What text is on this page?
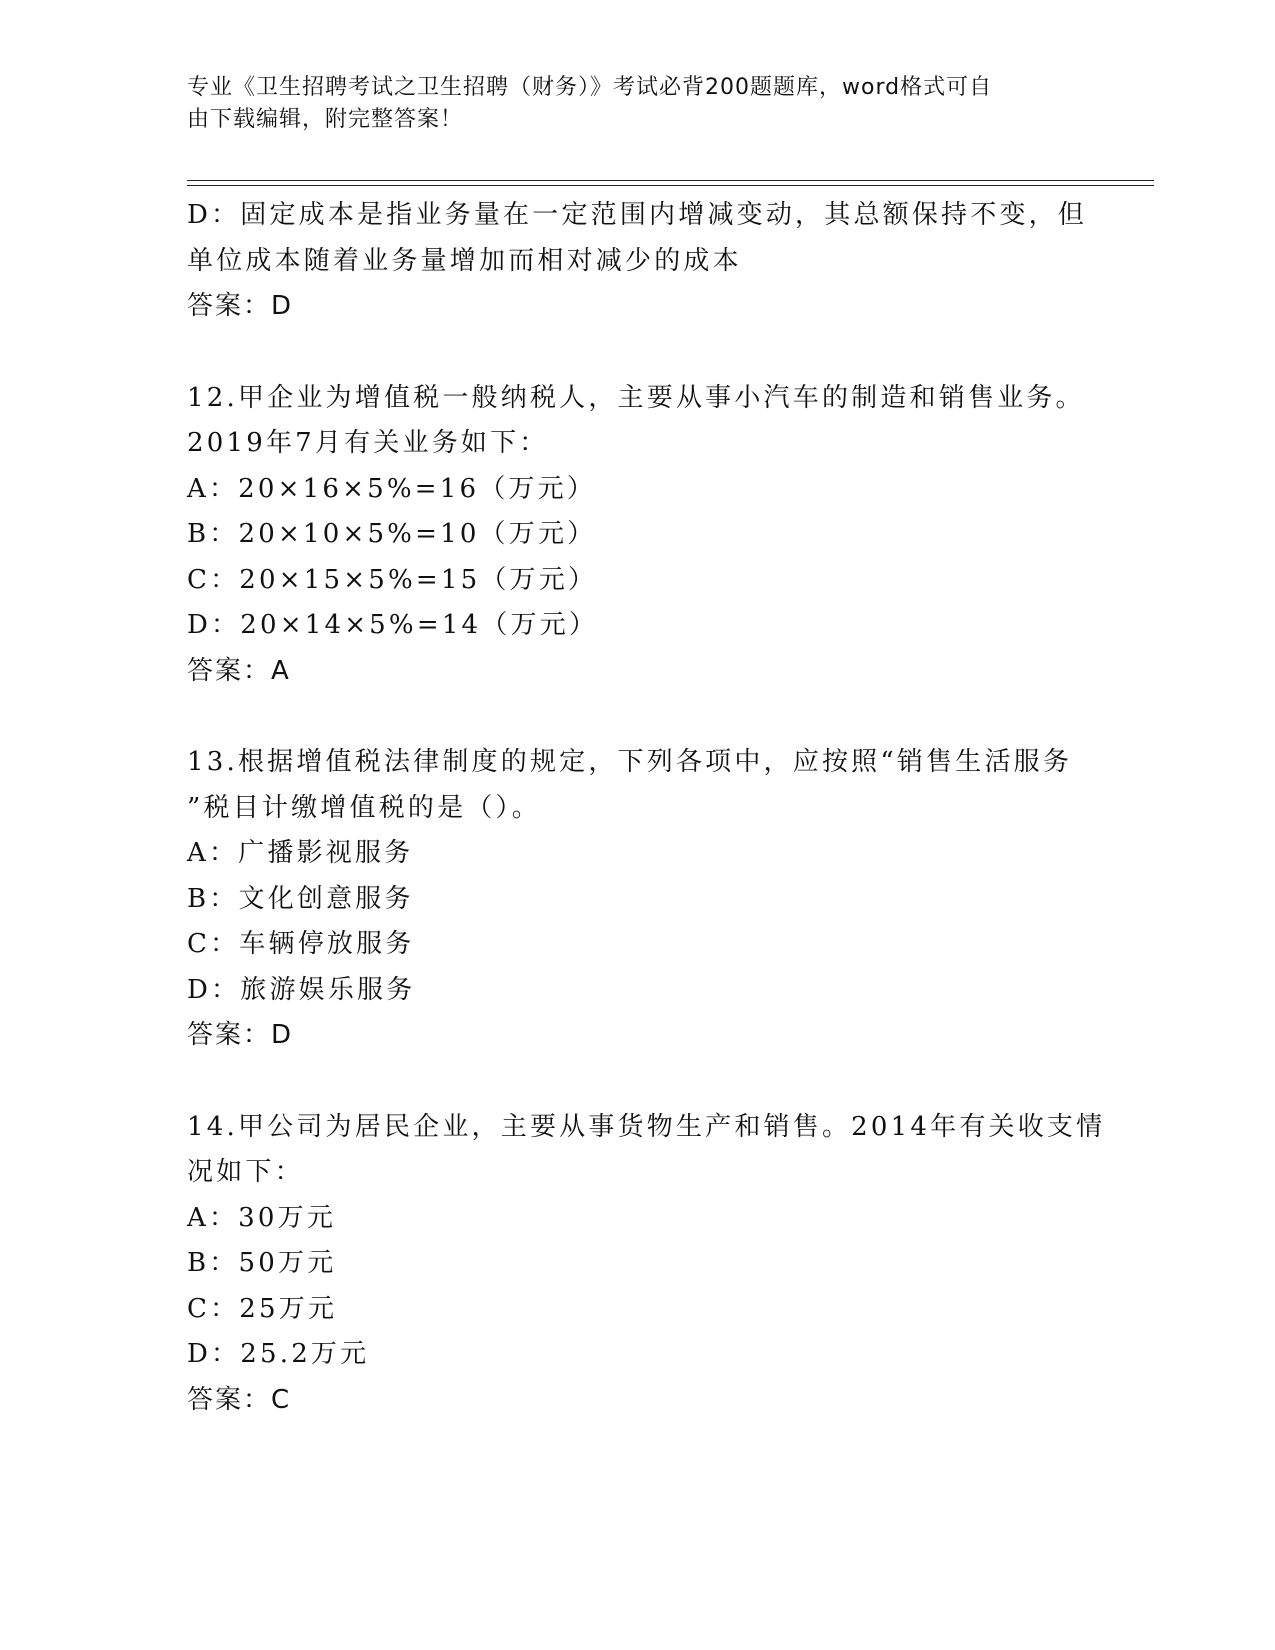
专业《卫生招聘考试之卫生招聘（财务）》考试必背200题题库，word格式可自
由下载编辑，附完整答案！
D：固定成本是指业务量在一定范围内增减变动，其总额保持不变，但
单位成本随着业务量增加而相对减少的成本
答案：D
12.甲企业为增值税一般纳税人，主要从事小汽车的制造和销售业务。
2019年7月有关业务如下：
A：20×16×5%=16（万元）
B：20×10×5%=10（万元）
C：20×15×5%=15（万元）
D：20×14×5%=14（万元）
答案：A
13.根据增值税法律制度的规定，下列各项中，应按照“销售生活服务
”税目计缴增值税的是（）。
A：广播影视服务
B：文化创意服务
C：车辆停放服务
D：旅游娱乐服务
答案：D
14.甲公司为居民企业，主要从事货物生产和销售。2014年有关收支情
况如下：
A：30万元
B：50万元
C：25万元
D：25.2万元
答案：C
